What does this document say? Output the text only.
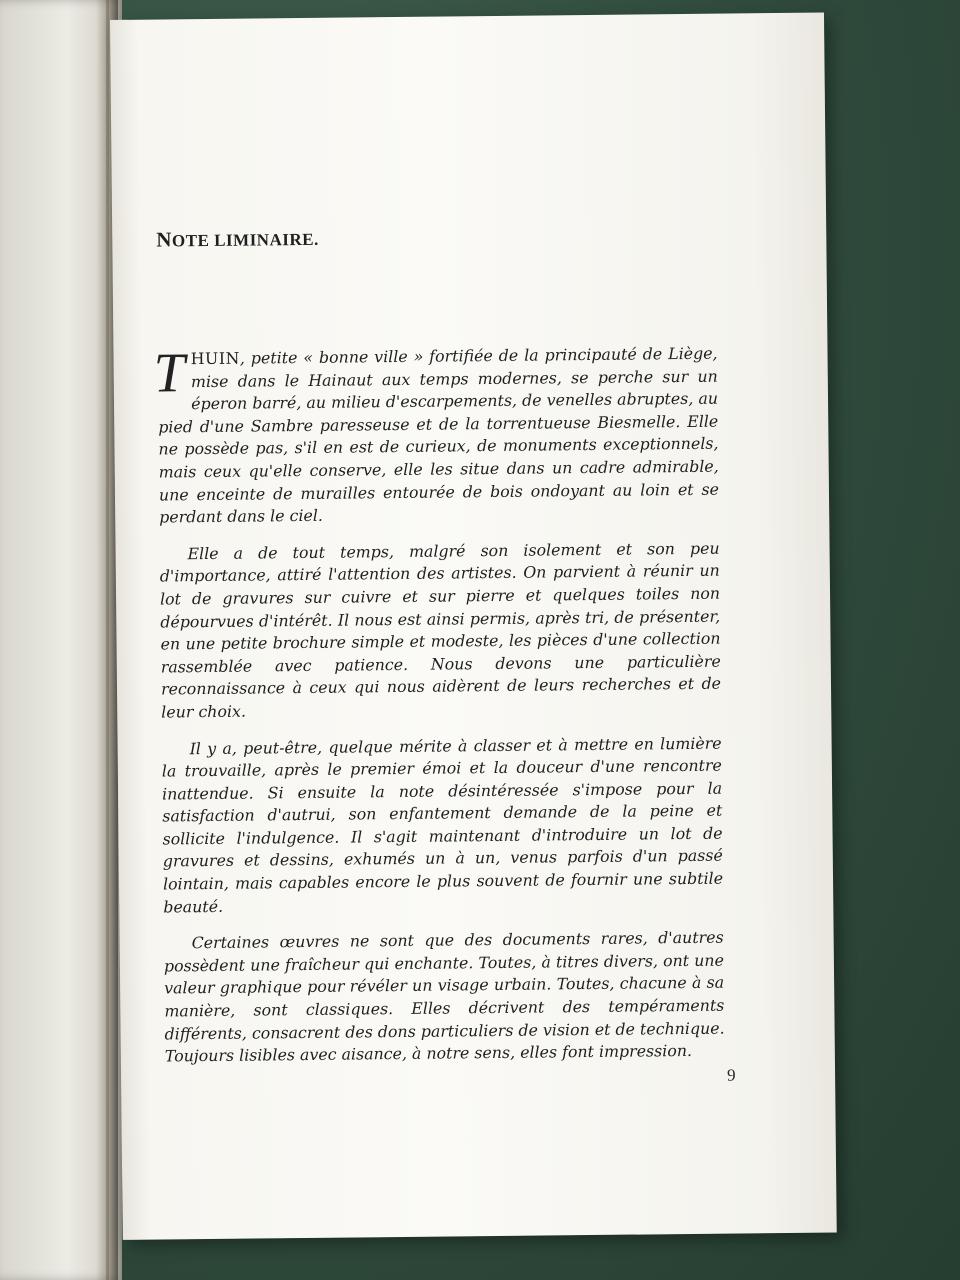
NOTE LIMINAIRE.

THUIN, petite « bonne ville » fortifiée de la principauté de Liège, mise dans le Hainaut aux temps modernes, se perche sur un éperon barré, au milieu d'escarpements, de venelles abruptes, au pied d'une Sambre paresseuse et de la torrentueuse Biesmelle. Elle ne possède pas, s'il en est de curieux, de monuments exceptionnels, mais ceux qu'elle conserve, elle les situe dans un cadre admirable, une enceinte de murailles entourée de bois ondoyant au loin et se perdant dans le ciel.

Elle a de tout temps, malgré son isolement et son peu d'importance, attiré l'attention des artistes. On parvient à réunir un lot de gravures sur cuivre et sur pierre et quelques toiles non dépourvues d'intérêt. Il nous est ainsi permis, après tri, de présenter, en une petite brochure simple et modeste, les pièces d'une collection rassemblée avec patience. Nous devons une particulière reconnaissance à ceux qui nous aidèrent de leurs recherches et de leur choix.

Il y a, peut-être, quelque mérite à classer et à mettre en lumière la trouvaille, après le premier émoi et la douceur d'une rencontre inattendue. Si ensuite la note désintéressée s'impose pour la satisfaction d'autrui, son enfantement demande de la peine et sollicite l'indulgence. Il s'agit maintenant d'introduire un lot de gravures et dessins, exhumés un à un, venus parfois d'un passé lointain, mais capables encore le plus souvent de fournir une subtile beauté.

Certaines œuvres ne sont que des documents rares, d'autres possèdent une fraîcheur qui enchante. Toutes, à titres divers, ont une valeur graphique pour révéler un visage urbain. Toutes, chacune à sa manière, sont classiques. Elles décrivent des tempéraments différents, consacrent des dons particuliers de vision et de technique. Toujours lisibles avec aisance, à notre sens, elles font impression.

9
